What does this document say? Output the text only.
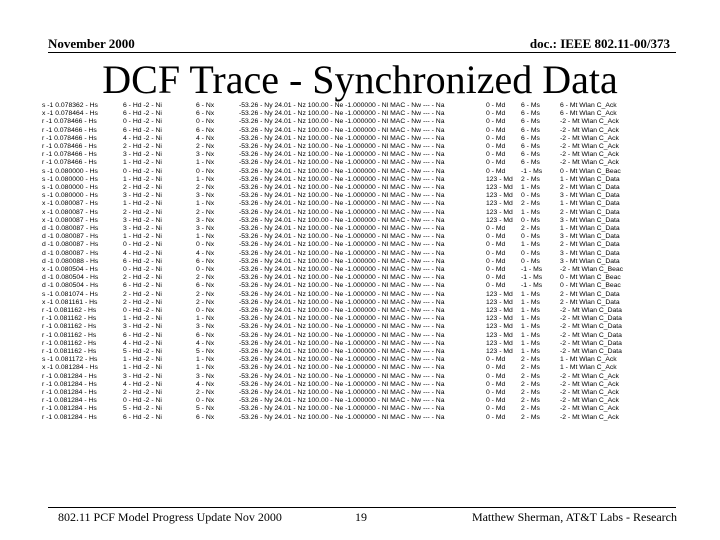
November 2000	doc.: IEEE 802.11-00/373
DCF Trace - Synchronized Data
s -1 0.078362 - Hs	6 - Hd -2 - Ni	6 - Nx	-53.26 - Ny 24.01 - Nz 100.00 - Ne -1.000000 - Nl MAC - Nw --- - Na	0 - Md 6 - Ms	6 - Mt Wlan C_Ack
x -1 0.078464 - Hs	6 - Hd -2 - Ni	6 - Nx	-53.26 - Ny 24.01 - Nz 100.00 - Ne -1.000000 - Nl MAC - Nw --- - Na	0 - Md 6 - Ms	6 - Mt Wlan C_Ack
r -1 0.078466 - Hs	0 - Hd -2 - Ni	0 - Nx	-53.26 - Ny 24.01 - Nz 100.00 - Ne -1.000000 - Nl MAC - Nw --- - Na	0 - Md 6 - Ms	-2 - Mt Wlan C_Ack
r -1 0.078466 - Hs	6 - Hd -2 - Ni	6 - Nx	-53.26 - Ny 24.01 - Nz 100.00 - Ne -1.000000 - Nl MAC - Nw --- - Na	0 - Md 6 - Ms	-2 - Mt Wlan C_Ack
r -1 0.078466 - Hs	4 - Hd -2 - Ni	4 - Nx	-53.26 - Ny 24.01 - Nz 100.00 - Ne -1.000000 - Nl MAC - Nw --- - Na	0 - Md 6 - Ms	-2 - Mt Wlan C_Ack
r -1 0.078466 - Hs	2 - Hd -2 - Ni	2 - Nx	-53.26 - Ny 24.01 - Nz 100.00 - Ne -1.000000 - Nl MAC - Nw --- - Na	0 - Md 6 - Ms	-2 - Mt Wlan C_Ack
r -1 0.078466 - Hs	3 - Hd -2 - Ni	3 - Nx	-53.26 - Ny 24.01 - Nz 100.00 - Ne -1.000000 - Nl MAC - Nw --- - Na	0 - Md 6 - Ms	-2 - Mt Wlan C_Ack
r -1 0.078466 - Hs	1 - Hd -2 - Ni	1 - Nx	-53.26 - Ny 24.01 - Nz 100.00 - Ne -1.000000 - Nl MAC - Nw --- - Na	0 - Md 6 - Ms	-2 - Mt Wlan C_Ack
s -1 0.080000 - Hs	0 - Hd -2 - Ni	0 - Nx	-53.26 - Ny 24.01 - Nz 100.00 - Ne -1.000000 - Nl MAC - Nw --- - Na	0 - Md -1 - Ms	0 - Mt Wlan C_Beac
s -1 0.080000 - Hs	1 - Hd -2 - Ni	1 - Nx	-53.26 - Ny 24.01 - Nz 100.00 - Ne -1.000000 - Nl MAC - Nw --- - Na	123 - Md 2 - Ms	1 - Mt Wlan C_Data
s -1 0.080000 - Hs	2 - Hd -2 - Ni	2 - Nx	-53.26 - Ny 24.01 - Nz 100.00 - Ne -1.000000 - Nl MAC - Nw --- - Na	123 - Md 1 - Ms	2 - Mt Wlan C_Data
s -1 0.080000 - Hs	3 - Hd -2 - Ni	3 - Nx	-53.26 - Ny 24.01 - Nz 100.00 - Ne -1.000000 - Nl MAC - Nw --- - Na	123 - Md 0 - Ms	3 - Mt Wlan C_Data
x -1 0.080087 - Hs	1 - Hd -2 - Ni	1 - Nx	-53.26 - Ny 24.01 - Nz 100.00 - Ne -1.000000 - Nl MAC - Nw --- - Na	123 - Md 2 - Ms	1 - Mt Wlan C_Data
x -1 0.080087 - Hs	2 - Hd -2 - Ni	2 - Nx	-53.26 - Ny 24.01 - Nz 100.00 - Ne -1.000000 - Nl MAC - Nw --- - Na	123 - Md 1 - Ms	2 - Mt Wlan C_Data
x -1 0.080087 - Hs	3 - Hd -2 - Ni	3 - Nx	-53.26 - Ny 24.01 - Nz 100.00 - Ne -1.000000 - Nl MAC - Nw --- - Na	123 - Md 0 - Ms	3 - Mt Wlan C_Data
d -1 0.080087 - Hs	3 - Hd -2 - Ni	3 - Nx	-53.26 - Ny 24.01 - Nz 100.00 - Ne -1.000000 - Nl MAC - Nw --- - Na	0 - Md 2 - Ms	1 - Mt Wlan C_Data
d -1 0.080087 - Hs	1 - Hd -2 - Ni	1 - Nx	-53.26 - Ny 24.01 - Nz 100.00 - Ne -1.000000 - Nl MAC - Nw --- - Na	0 - Md 0 - Ms	3 - Mt Wlan C_Data
d -1 0.080087 - Hs	0 - Hd -2 - Ni	0 - Nx	-53.26 - Ny 24.01 - Nz 100.00 - Ne -1.000000 - Nl MAC - Nw --- - Na	0 - Md 1 - Ms	2 - Mt Wlan C_Data
d -1 0.080087 - Hs	4 - Hd -2 - Ni	4 - Nx	-53.26 - Ny 24.01 - Nz 100.00 - Ne -1.000000 - Nl MAC - Nw --- - Na	0 - Md 0 - Ms	3 - Mt Wlan C_Data
d -1 0.080088 - Hs	6 - Hd -2 - Ni	6 - Nx	-53.26 - Ny 24.01 - Nz 100.00 - Ne -1.000000 - Nl MAC - Nw --- - Na	0 - Md 0 - Ms	3 - Mt Wlan C_Data
x -1 0.080504 - Hs	0 - Hd -2 - Ni	0 - Nx	-53.26 - Ny 24.01 - Nz 100.00 - Ne -1.000000 - Nl MAC - Nw --- - Na	0 - Md -1 - Ms	-2 - Mt Wlan C_Beac
d -1 0.080504 - Hs	2 - Hd -2 - Ni	2 - Nx	-53.26 - Ny 24.01 - Nz 100.00 - Ne -1.000000 - Nl MAC - Nw --- - Na	0 - Md -1 - Ms	0 - Mt Wlan C_Beac
d -1 0.080504 - Hs	6 - Hd -2 - Ni	6 - Nx	-53.26 - Ny 24.01 - Nz 100.00 - Ne -1.000000 - Nl MAC - Nw --- - Na	0 - Md -1 - Ms	0 - Mt Wlan C_Beac
s -1 0.081074 - Hs	2 - Hd -2 - Ni	2 - Nx	-53.26 - Ny 24.01 - Nz 100.00 - Ne -1.000000 - Nl MAC - Nw --- - Na	123 - Md 1 - Ms	2 - Mt Wlan C_Data
x -1 0.081161 - Hs	2 - Hd -2 - Ni	2 - Nx	-53.26 - Ny 24.01 - Nz 100.00 - Ne -1.000000 - Nl MAC - Nw --- - Na	123 - Md 1 - Ms	2 - Mt Wlan C_Data
r -1 0.081162 - Hs	0 - Hd -2 - Ni	0 - Nx	-53.26 - Ny 24.01 - Nz 100.00 - Ne -1.000000 - Nl MAC - Nw --- - Na	123 - Md 1 - Ms	-2 - Mt Wlan C_Data
r -1 0.081162 - Hs	1 - Hd -2 - Ni	1 - Nx	-53.26 - Ny 24.01 - Nz 100.00 - Ne -1.000000 - Nl MAC - Nw --- - Na	123 - Md 1 - Ms	-2 - Mt Wlan C_Data
r -1 0.081162 - Hs	3 - Hd -2 - Ni	3 - Nx	-53.26 - Ny 24.01 - Nz 100.00 - Ne -1.000000 - Nl MAC - Nw --- - Na	123 - Md 1 - Ms	-2 - Mt Wlan C_Data
r -1 0.081162 - Hs	6 - Hd -2 - Ni	6 - Nx	-53.26 - Ny 24.01 - Nz 100.00 - Ne -1.000000 - Nl MAC - Nw --- - Na	123 - Md 1 - Ms	-2 - Mt Wlan C_Data
r -1 0.081162 - Hs	4 - Hd -2 - Ni	4 - Nx	-53.26 - Ny 24.01 - Nz 100.00 - Ne -1.000000 - Nl MAC - Nw --- - Na	123 - Md 1 - Ms	-2 - Mt Wlan C_Data
r -1 0.081162 - Hs	5 - Hd -2 - Ni	5 - Nx	-53.26 - Ny 24.01 - Nz 100.00 - Ne -1.000000 - Nl MAC - Nw --- - Na	123 - Md 1 - Ms	-2 - Mt Wlan C_Data
s -1 0.081172 - Hs	1 - Hd -2 - Ni	1 - Nx	-53.26 - Ny 24.01 - Nz 100.00 - Ne -1.000000 - Nl MAC - Nw --- - Na	0 - Md 2 - Ms	1 - Mt Wlan C_Ack
x -1 0.081284 - Hs	1 - Hd -2 - Ni	1 - Nx	-53.26 - Ny 24.01 - Nz 100.00 - Ne -1.000000 - Nl MAC - Nw --- - Na	0 - Md 2 - Ms	1 - Mt Wlan C_Ack
r -1 0.081284 - Hs	3 - Hd -2 - Ni	3 - Nx	-53.26 - Ny 24.01 - Nz 100.00 - Ne -1.000000 - Nl MAC - Nw --- - Na	0 - Md 2 - Ms	-2 - Mt Wlan C_Ack
r -1 0.081284 - Hs	4 - Hd -2 - Ni	4 - Nx	-53.26 - Ny 24.01 - Nz 100.00 - Ne -1.000000 - Nl MAC - Nw --- - Na	0 - Md 2 - Ms	-2 - Mt Wlan C_Ack
r -1 0.081284 - Hs	2 - Hd -2 - Ni	2 - Nx	-53.26 - Ny 24.01 - Nz 100.00 - Ne -1.000000 - Nl MAC - Nw --- - Na	0 - Md 2 - Ms	-2 - Mt Wlan C_Ack
r -1 0.081284 - Hs	0 - Hd -2 - Ni	0 - Nx	-53.26 - Ny 24.01 - Nz 100.00 - Ne -1.000000 - Nl MAC - Nw --- - Na	0 - Md 2 - Ms	-2 - Mt Wlan C_Ack
r -1 0.081284 - Hs	5 - Hd -2 - Ni	5 - Nx	-53.26 - Ny 24.01 - Nz 100.00 - Ne -1.000000 - Nl MAC - Nw --- - Na	0 - Md 2 - Ms	-2 - Mt Wlan C_Ack
r -1 0.081284 - Hs	6 - Hd -2 - Ni	6 - Nx	-53.26 - Ny 24.01 - Nz 100.00 - Ne -1.000000 - Nl MAC - Nw --- - Na	0 - Md 2 - Ms	-2 - Mt Wlan C_Ack
802.11 PCF Model Progress Update Nov 2000	19	Matthew Sherman, AT&T Labs - Research
